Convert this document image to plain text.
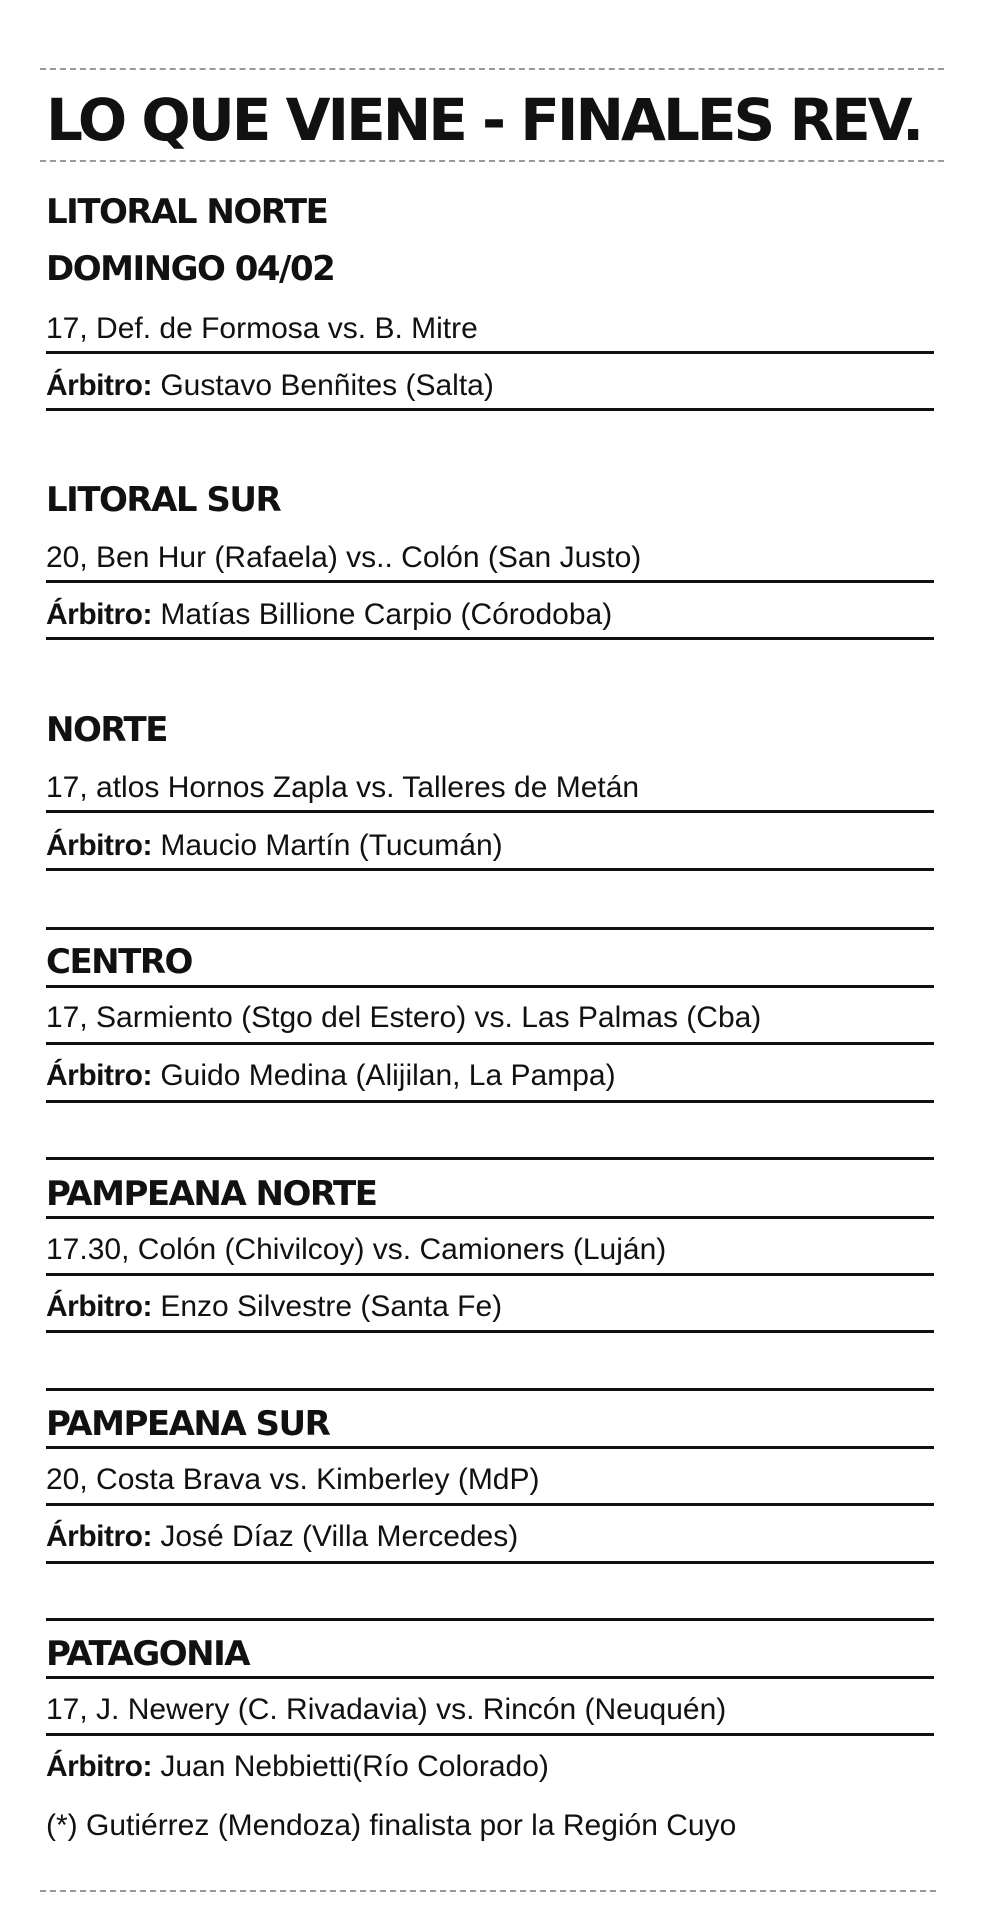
LO QUE VIENE - FINALES REV.
LITORAL NORTE
DOMINGO 04/02
17, Def. de Formosa vs. B. Mitre
Árbitro: Gustavo Benñites (Salta)
LITORAL SUR
20, Ben Hur (Rafaela) vs.. Colón (San Justo)
Árbitro: Matías Billione Carpio (Córodoba)
NORTE
17, atlos Hornos Zapla vs. Talleres de Metán
Árbitro: Maucio Martín (Tucumán)
CENTRO
17, Sarmiento (Stgo del Estero) vs. Las Palmas (Cba)
Árbitro: Guido Medina (Alijilan, La Pampa)
PAMPEANA NORTE
17.30, Colón (Chivilcoy) vs. Camioners (Luján)
Árbitro: Enzo Silvestre (Santa Fe)
PAMPEANA SUR
20, Costa Brava vs. Kimberley (MdP)
Árbitro: José Díaz (Villa Mercedes)
PATAGONIA
17, J. Newery (C. Rivadavia) vs. Rincón (Neuquén)
Árbitro: Juan Nebbietti(Río Colorado)
(*) Gutiérrez (Mendoza) finalista por la Región Cuyo
